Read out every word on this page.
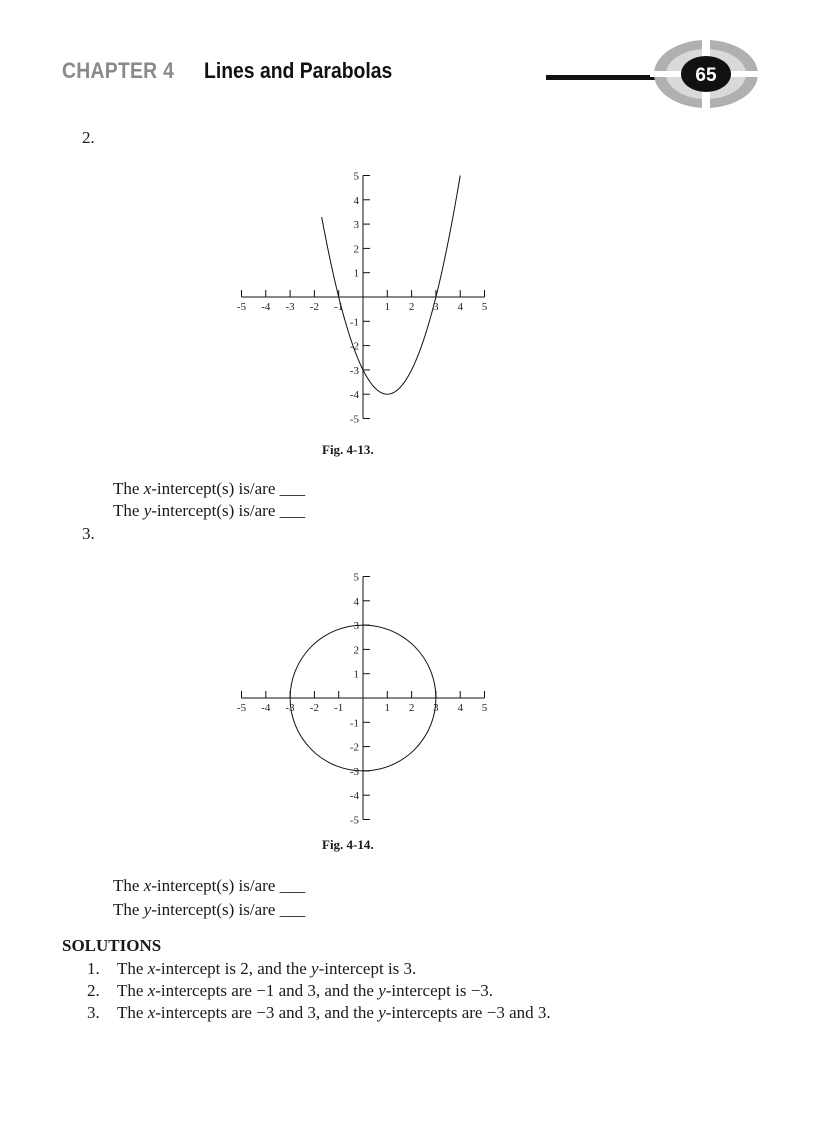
CHAPTER 4 Lines and Parabolas	65
2.
-5 -4 -3 -2 -1	1 2 3 4 5
5
4
3
2
1
-1
-2
-3
-4
-5
Fig. 4-13.
The x-intercept(s) is/are ___
The y-intercept(s) is/are ___
3.
-5 -4 -3 -2 -1	1 2 3 4 5
5
4
3
2
1
-1
-2
-3
-4
-5
Fig. 4-14.
The x-intercept(s) is/are ___
The y-intercept(s) is/are ___
SOLUTIONS
1. The x-intercept is 2, and the y-intercept is 3.
2. The x-intercepts are −1 and 3, and the y-intercept is −3.
3. The x-intercepts are −3 and 3, and the y-intercepts are −3 and 3.
